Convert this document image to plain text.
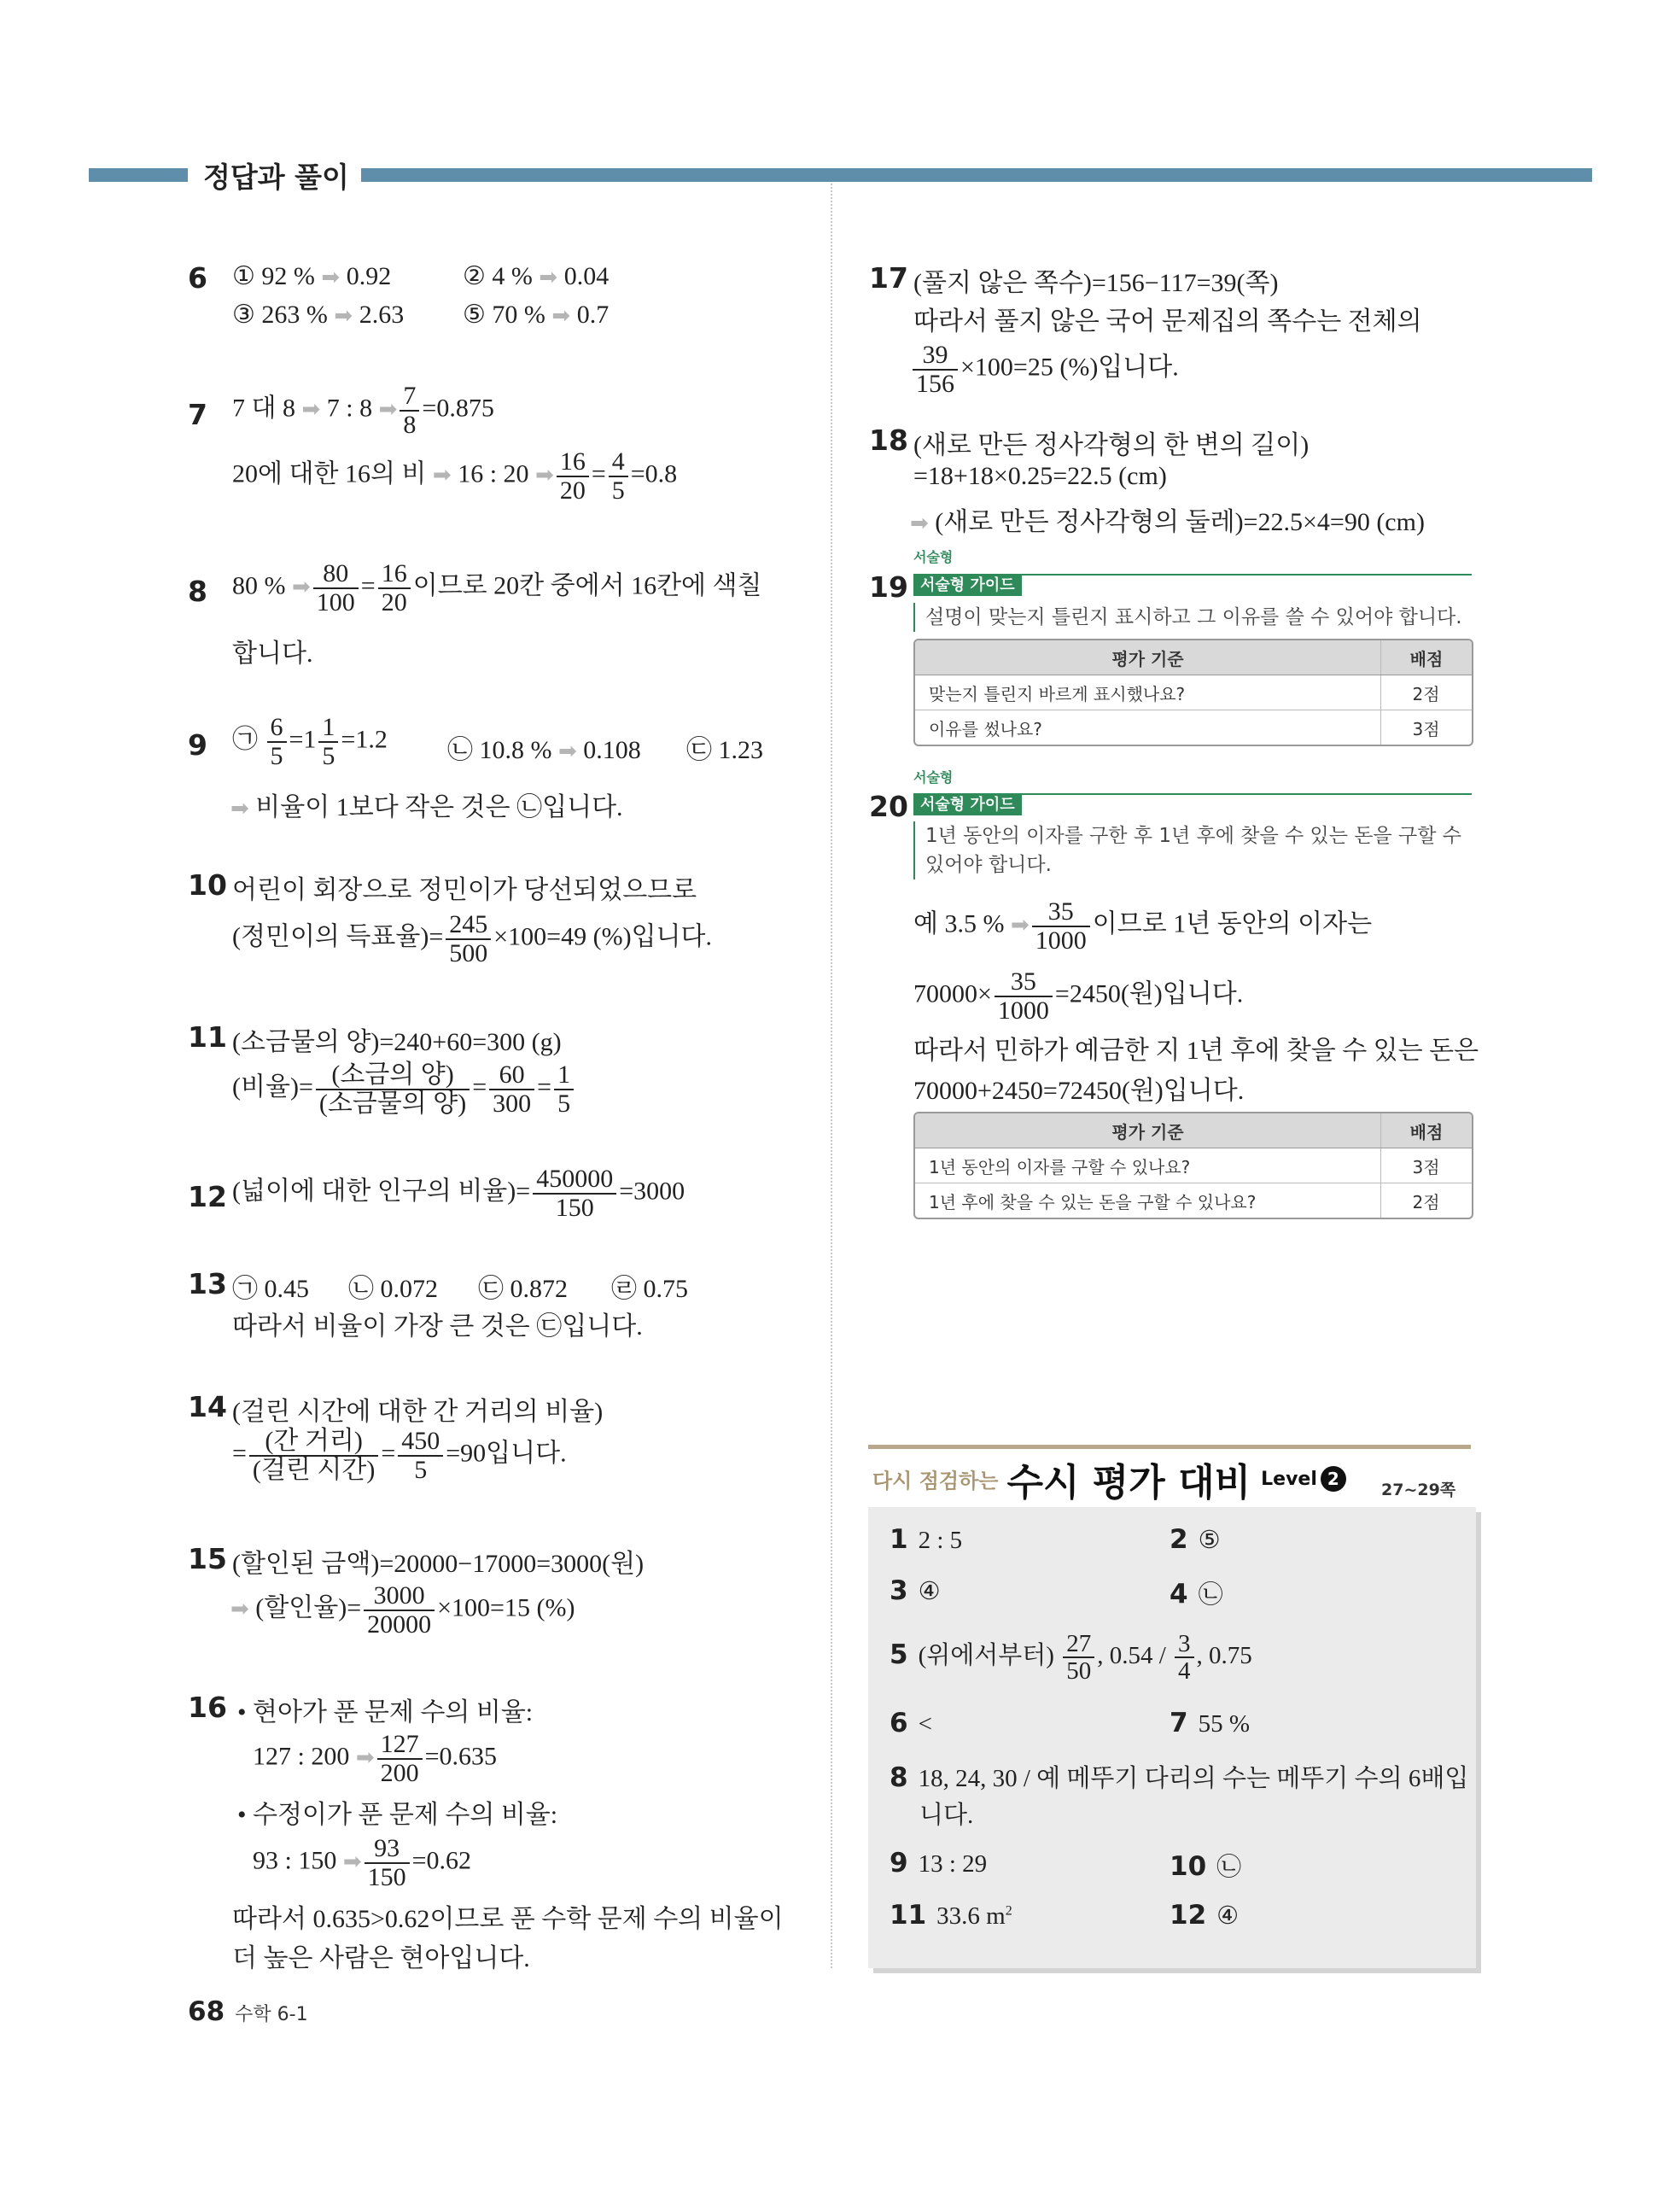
정답과 풀이
6 ① 92 % ➡ 0.92	② 4 % ➡ 0.04
③ 263 % ➡ 2.63 ⑤ 70 % ➡ 0.7
7 7 대 8 ➡ 7 : 8 ➡ $\frac{7}{8} =0.875$
20에 대한 16의 비 ➡ 16 : 20 ➡ $\frac{16}{20} = \frac{4}{5} =0.8$
8 80 % ➡ $\frac{80}{100} = \frac{16}{20}$ 이므로 20칸 중에서 16칸에 색칠
합니다.
9 ㉠ $\frac{6}{5} =1 \frac{1}{5} =1.2$ ㉡ 10.8 % ➡ 0.108 ㉢ 1.23
➡ 비율이 1보다 작은 것은 ㉡입니다.
10 어린이 회장으로 정민이가 당선되었으므로
(정민이의 득표율)= $\frac{245}{500} \times 100=49$ (%)입니다.
11 (소금물의 양)=240+60=300 (g)
(비율)= $\frac{\text{(소금의 양)}}{\text{(소금물의 양)}} = \frac{60}{300} = \frac{1}{5}$
12 (넓이에 대한 인구의 비율)= $\frac{450000}{150} =3000$
13 ㉠ 0.45 ㉡ 0.072 ㉢ 0.872 ㉣ 0.75
따라서 비율이 가장 큰 것은 ㉢입니다.
14 (걸린 시간에 대한 간 거리의 비율)
= $\frac{\text{(간 거리)}}{\text{(걸린 시간)}} = \frac{450}{5} =90$입니다.
15 (할인된 금액)=20000−17000=3000(원)
➡ (할인율)= $\frac{3000}{20000} \times 100=15$ (%)
16 • 현아가 푼 문제 수의 비율:
127 : 200 ➡ $\frac{127}{200} =0.635$
• 수정이가 푼 문제 수의 비율:
93 : 150 ➡ $\frac{93}{150} =0.62$
따라서 0.635>0.62이므로 푼 수학 문제 수의 비율이
더 높은 사람은 현아입니다.
17 (풀지 않은 쪽수)=156−117=39(쪽)
따라서 풀지 않은 국어 문제집의 쪽수는 전체의
$\frac{39}{156} \times 100=25$ (%)입니다.
18 (새로 만든 정사각형의 한 변의 길이)
=18+18×0.25=22.5 (cm)
➡ (새로 만든 정사각형의 둘레)=22.5×4=90 (cm)
서술형
19 서술형 가이드
설명이 맞는지 틀린지 표시하고 그 이유를 쓸 수 있어야 합니다.
평가 기준	배점
맞는지 틀린지 바르게 표시했나요?	2점
이유를 썼나요?	3점
서술형
20 서술형 가이드
1년 동안의 이자를 구한 후 1년 후에 찾을 수 있는 돈을 구할 수
있어야 합니다.
예 3.5 % ➡ $\frac{35}{1000}$ 이므로 1년 동안의 이자는
$70000\times \frac{35}{1000} =2450$(원)입니다.
따라서 민하가 예금한 지 1년 후에 찾을 수 있는 돈은
70000+2450=72450(원)입니다.
평가 기준	배점
1년 동안의 이자를 구할 수 있나요?	3점
1년 후에 찾을 수 있는 돈을 구할 수 있나요?	2점
다시 점검하는 수시 평가 대비 Level 2
27~29쪽
1 2 : 5	2 ⑤
3 ④	4 ㉡
5 (위에서부터) $\frac{27}{50}$ , $0.54 / \frac{3}{4}$ , 0.75
6 <	7 55 %
8 18, 24, 30 / 예 메뚜기 다리의 수는 메뚜기 수의 6배입
니다.
9 13 : 29	10 ㉡
11 33.6 $m^2$	12 ④
68 수학 6-1
